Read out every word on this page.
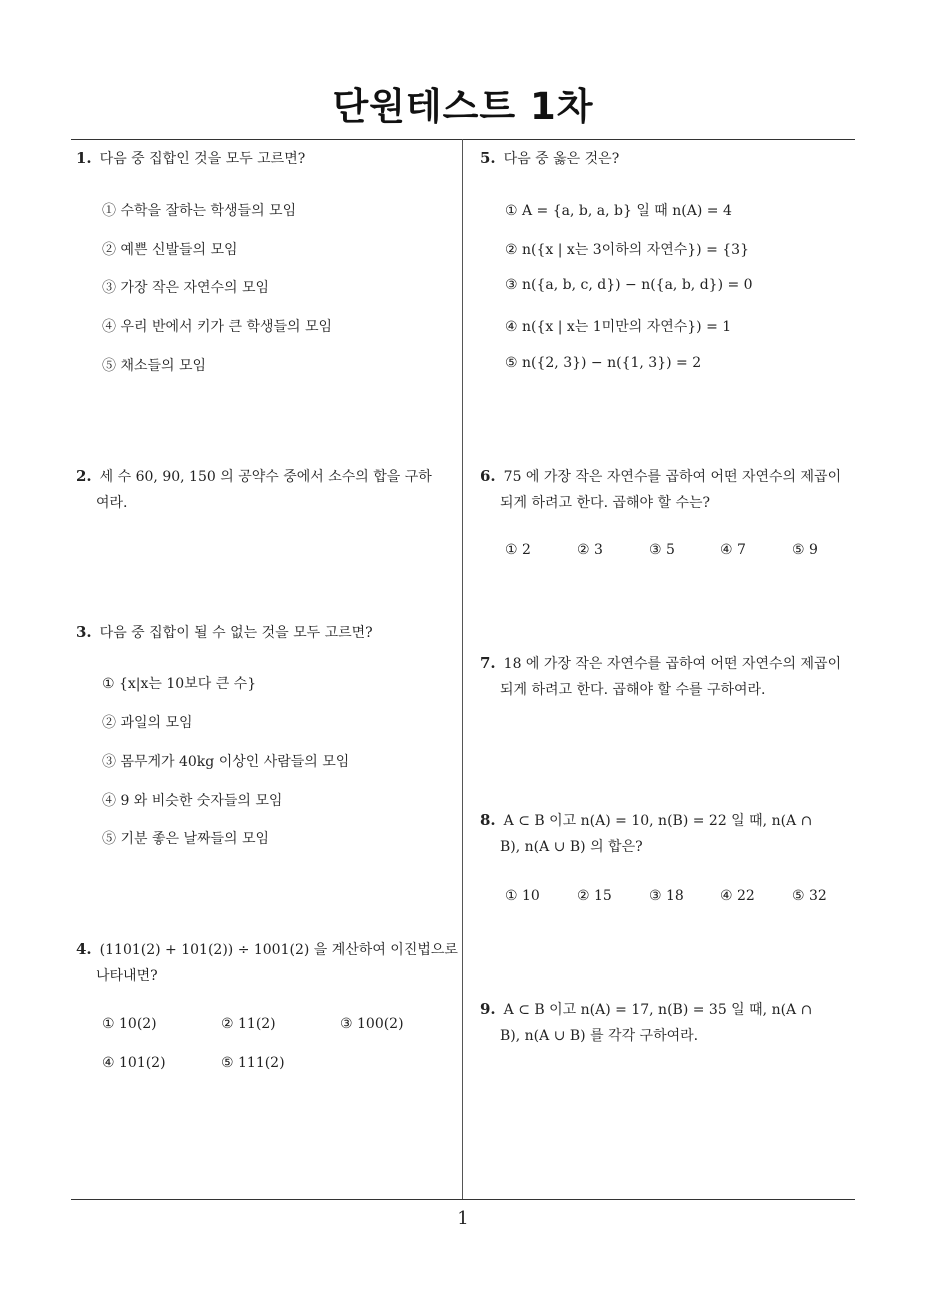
단원테스트 1차
1
1. 다음 중 집합인 것을 모두 고르면?
① 수학을 잘하는 학생들의 모임
② 예쁜 신발들의 모임
③ 가장 작은 자연수의 모임
④ 우리 반에서 키가 큰 학생들의 모임
⑤ 채소들의 모임
2. 세 수 60, 90, 150 의 공약수 중에서 소수의 합을 구하
여라.
3. 다음 중 집합이 될 수 없는 것을 모두 고르면?
① {x|x는 10보다 큰 수}
② 과일의 모임
③ 몸무게가 40kg 이상인 사람들의 모임
④ 9 와 비슷한 숫자들의 모임
⑤ 기분 좋은 날짜들의 모임
4. (1101(2) + 101(2)) ÷ 1001(2) 을 계산하여 이진법으로
나타내면?
① 10(2)	② 11(2)	③ 100(2)
④ 101(2)	⑤ 111(2)
5. 다음 중 옳은 것은?
① A = {a, b, a, b} 일 때 n(A) = 4
② n({x | x는 3이하의 자연수}) = {3}
③ n({a, b, c, d}) − n({a, b, d}) = 0
④ n({x | x는 1미만의 자연수}) = 1
⑤ n({2, 3}) − n({1, 3}) = 2
6. 75 에 가장 작은 자연수를 곱하여 어떤 자연수의 제곱이
되게 하려고 한다. 곱해야 할 수는?
① 2	② 3	③ 5	④ 7	⑤ 9
7. 18 에 가장 작은 자연수를 곱하여 어떤 자연수의 제곱이
되게 하려고 한다. 곱해야 할 수를 구하여라.
8. A ⊂ B 이고 n(A) = 10, n(B) = 22 일 때, n(A ∩
B), n(A ∪ B) 의 합은?
① 10	② 15	③ 18	④ 22	⑤ 32
9. A ⊂ B 이고 n(A) = 17, n(B) = 35 일 때, n(A ∩
B), n(A ∪ B) 를 각각 구하여라.
